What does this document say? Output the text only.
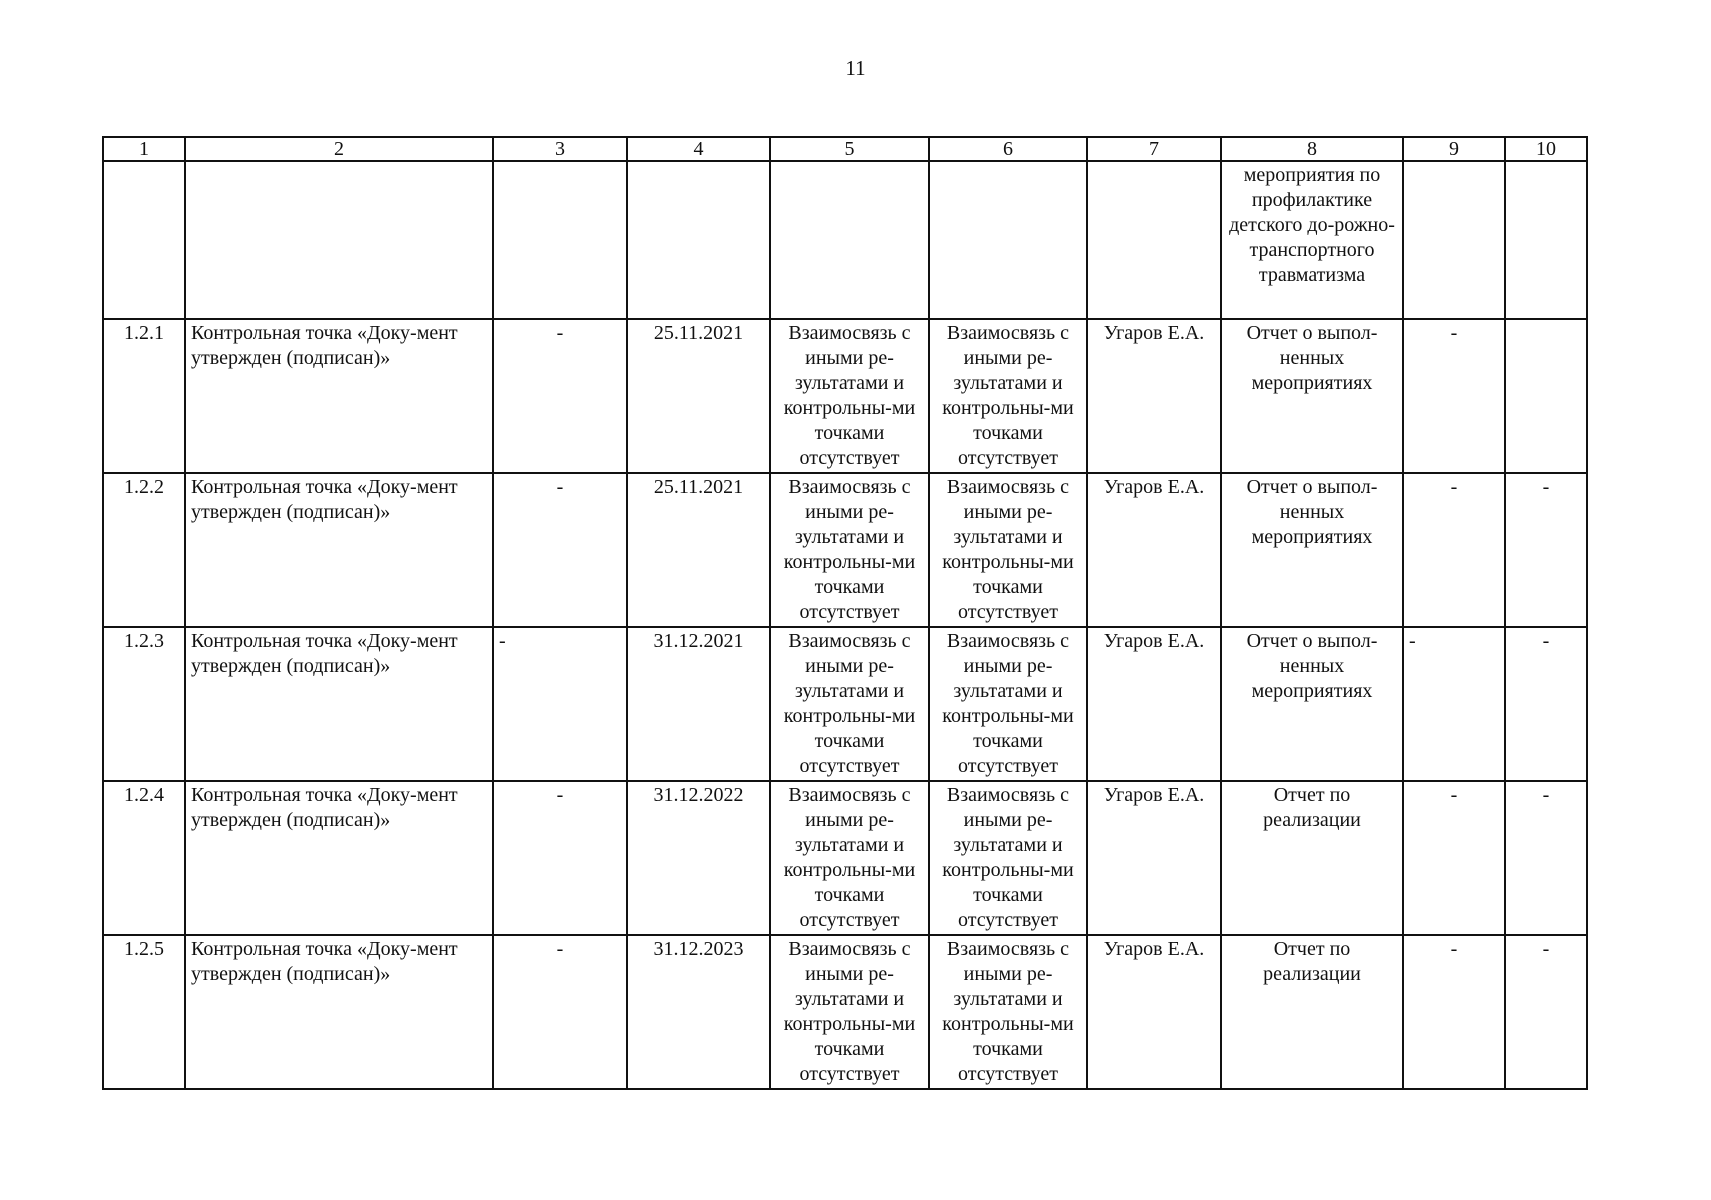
11
1	2	3	4	5	6	7	8	9	10
							мероприятия по профилактике детского до-рожно-транспортного травматизма		
1.2.1	Контрольная точка «Доку-мент утвержден (подписан)»	-	25.11.2021	Взаимосвязь с иными ре-зультатами и контрольны-ми точками отсутствует	Взаимосвязь с иными ре-зультатами и контрольны-ми точками отсутствует	Угаров Е.А.	Отчет о выпол-ненных мероприятиях	-	
1.2.2	Контрольная точка «Доку-мент утвержден (подписан)»	-	25.11.2021	Взаимосвязь с иными ре-зультатами и контрольны-ми точками отсутствует	Взаимосвязь с иными ре-зультатами и контрольны-ми точками отсутствует	Угаров Е.А.	Отчет о выпол-ненных мероприятиях	-	-
1.2.3	Контрольная точка «Доку-мент утвержден (подписан)»	-	31.12.2021	Взаимосвязь с иными ре-зультатами и контрольны-ми точками отсутствует	Взаимосвязь с иными ре-зультатами и контрольны-ми точками отсутствует	Угаров Е.А.	Отчет о выпол-ненных мероприятиях	-	-
1.2.4	Контрольная точка «Доку-мент утвержден (подписан)»	-	31.12.2022	Взаимосвязь с иными ре-зультатами и контрольны-ми точками отсутствует	Взаимосвязь с иными ре-зультатами и контрольны-ми точками отсутствует	Угаров Е.А.	Отчет по реализации	-	-
1.2.5	Контрольная точка «Доку-мент утвержден (подписан)»	-	31.12.2023	Взаимосвязь с иными ре-зультатами и контрольны-ми точками отсутствует	Взаимосвязь с иными ре-зультатами и контрольны-ми точками отсутствует	Угаров Е.А.	Отчет по реализации	-	-
